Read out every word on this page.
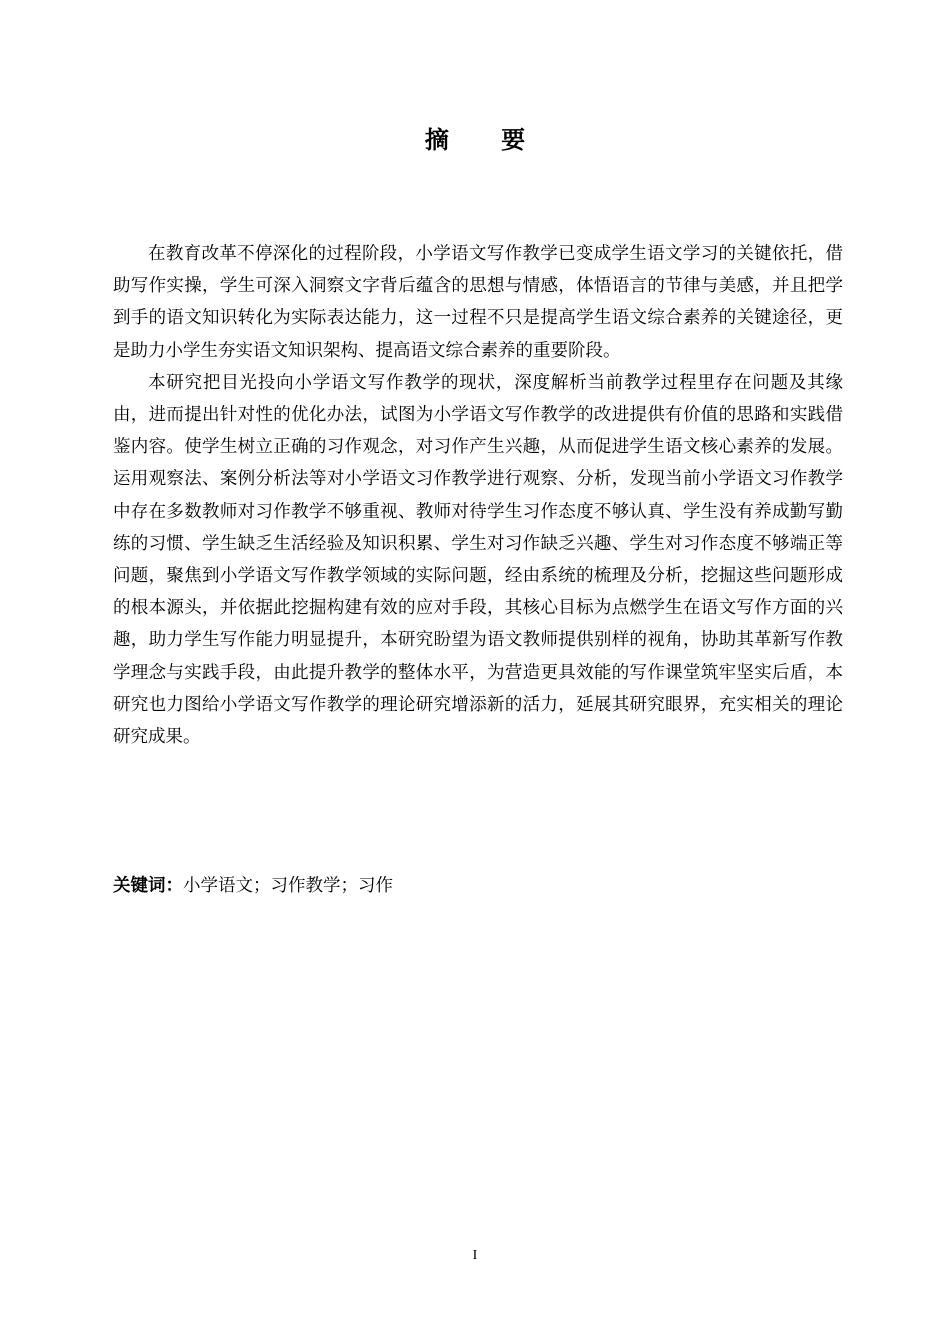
摘 要

在教育改革不停深化的过程阶段，小学语文写作教学已变成学生语文学习的关键依托，借助写作实操，学生可深入洞察文字背后蕴含的思想与情感，体悟语言的节律与美感，并且把学到手的语文知识转化为实际表达能力，这一过程不只是提高学生语文综合素养的关键途径，更是助力小学生夯实语文知识架构、提高语文综合素养的重要阶段。

本研究把目光投向小学语文写作教学的现状，深度解析当前教学过程里存在问题及其缘由，进而提出针对性的优化办法，试图为小学语文写作教学的改进提供有价值的思路和实践借鉴内容。使学生树立正确的习作观念，对习作产生兴趣，从而促进学生语文核心素养的发展。运用观察法、案例分析法等对小学语文习作教学进行观察、分析，发现当前小学语文习作教学中存在多数教师对习作教学不够重视、教师对待学生习作态度不够认真、学生没有养成勤写勤练的习惯、学生缺乏生活经验及知识积累、学生对习作缺乏兴趣、学生对习作态度不够端正等问题，聚焦到小学语文写作教学领域的实际问题，经由系统的梳理及分析，挖掘这些问题形成的根本源头，并依据此挖掘构建有效的应对手段，其核心目标为点燃学生在语文写作方面的兴趣，助力学生写作能力明显提升，本研究盼望为语文教师提供别样的视角，协助其革新写作教学理念与实践手段，由此提升教学的整体水平，为营造更具效能的写作课堂筑牢坚实后盾，本研究也力图给小学语文写作教学的理论研究增添新的活力，延展其研究眼界，充实相关的理论研究成果。

关键词：小学语文；习作教学；习作
I
